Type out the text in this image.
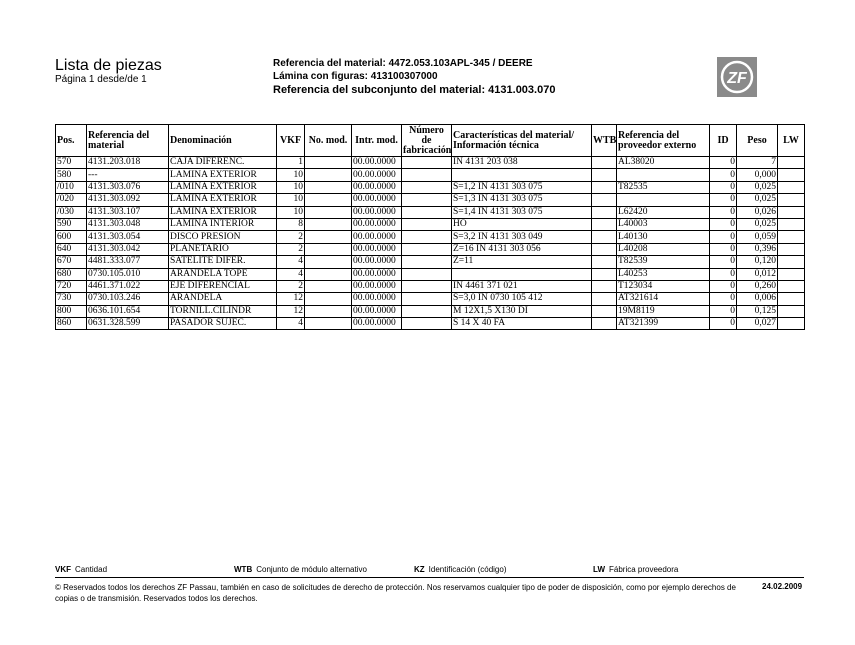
Lista de piezas
Página 1 desde/de 1
Referencia del material: 4472.053.103APL-345 / DEERE
Lámina con figuras: 413100307000
Referencia del subconjunto del material: 4131.003.070
ZF
Pos.	Referencia del material	Denominación	VKF	No. mod.	Intr. mod.	Número de fabricación	Características del material/ Información técnica	WTB	Referencia del proveedor externo	ID	Peso	LW
570	4131.203.018	CAJA DIFERENC.	1		00.00.0000		IN 4131 203 038		AL38020	0	7	
580	---	LAMINA EXTERIOR	10		00.00.0000					0	0,000	
/010	4131.303.076	LAMINA EXTERIOR	10		00.00.0000		S=1,2 IN 4131 303 075		T82535	0	0,025	
/020	4131.303.092	LAMINA EXTERIOR	10		00.00.0000		S=1,3 IN 4131 303 075			0	0,025	
/030	4131.303.107	LAMINA EXTERIOR	10		00.00.0000		S=1,4 IN 4131 303 075		L62420	0	0,026	
590	4131.303.048	LAMINA INTERIOR	8		00.00.0000		HO		L40003	0	0,025	
600	4131.303.054	DISCO PRESION	2		00.00.0000		S=3,2 IN 4131 303 049		L40130	0	0,059	
640	4131.303.042	PLANETARIO	2		00.00.0000		Z=16 IN 4131 303 056		L40208	0	0,396	
670	4481.333.077	SATELITE DIFER.	4		00.00.0000		Z=11		T82539	0	0,120	
680	0730.105.010	ARANDELA TOPE	4		00.00.0000				L40253	0	0,012	
720	4461.371.022	EJE DIFERENCIAL	2		00.00.0000		IN 4461 371 021		T123034	0	0,260	
730	0730.103.246	ARANDELA	12		00.00.0000		S=3,0 IN 0730 105 412		AT321614	0	0,006	
800	0636.101.654	TORNILL.CILINDR	12		00.00.0000		M 12X1,5 X130 DI		19M8119	0	0,125	
860	0631.328.599	PASADOR SUJEC.	4		00.00.0000		S 14 X 40 FA		AT321399	0	0,027	
VKF Cantidad	WTB Conjunto de módulo alternativo	KZ Identificación (código)	LW Fábrica proveedora
© Reservados todos los derechos ZF Passau, también en caso de solicitudes de derecho de protección. Nos reservamos cualquier tipo de poder de disposición, como por ejemplo derechos de copias o de transmisión. Reservados todos los derechos.
24.02.2009
